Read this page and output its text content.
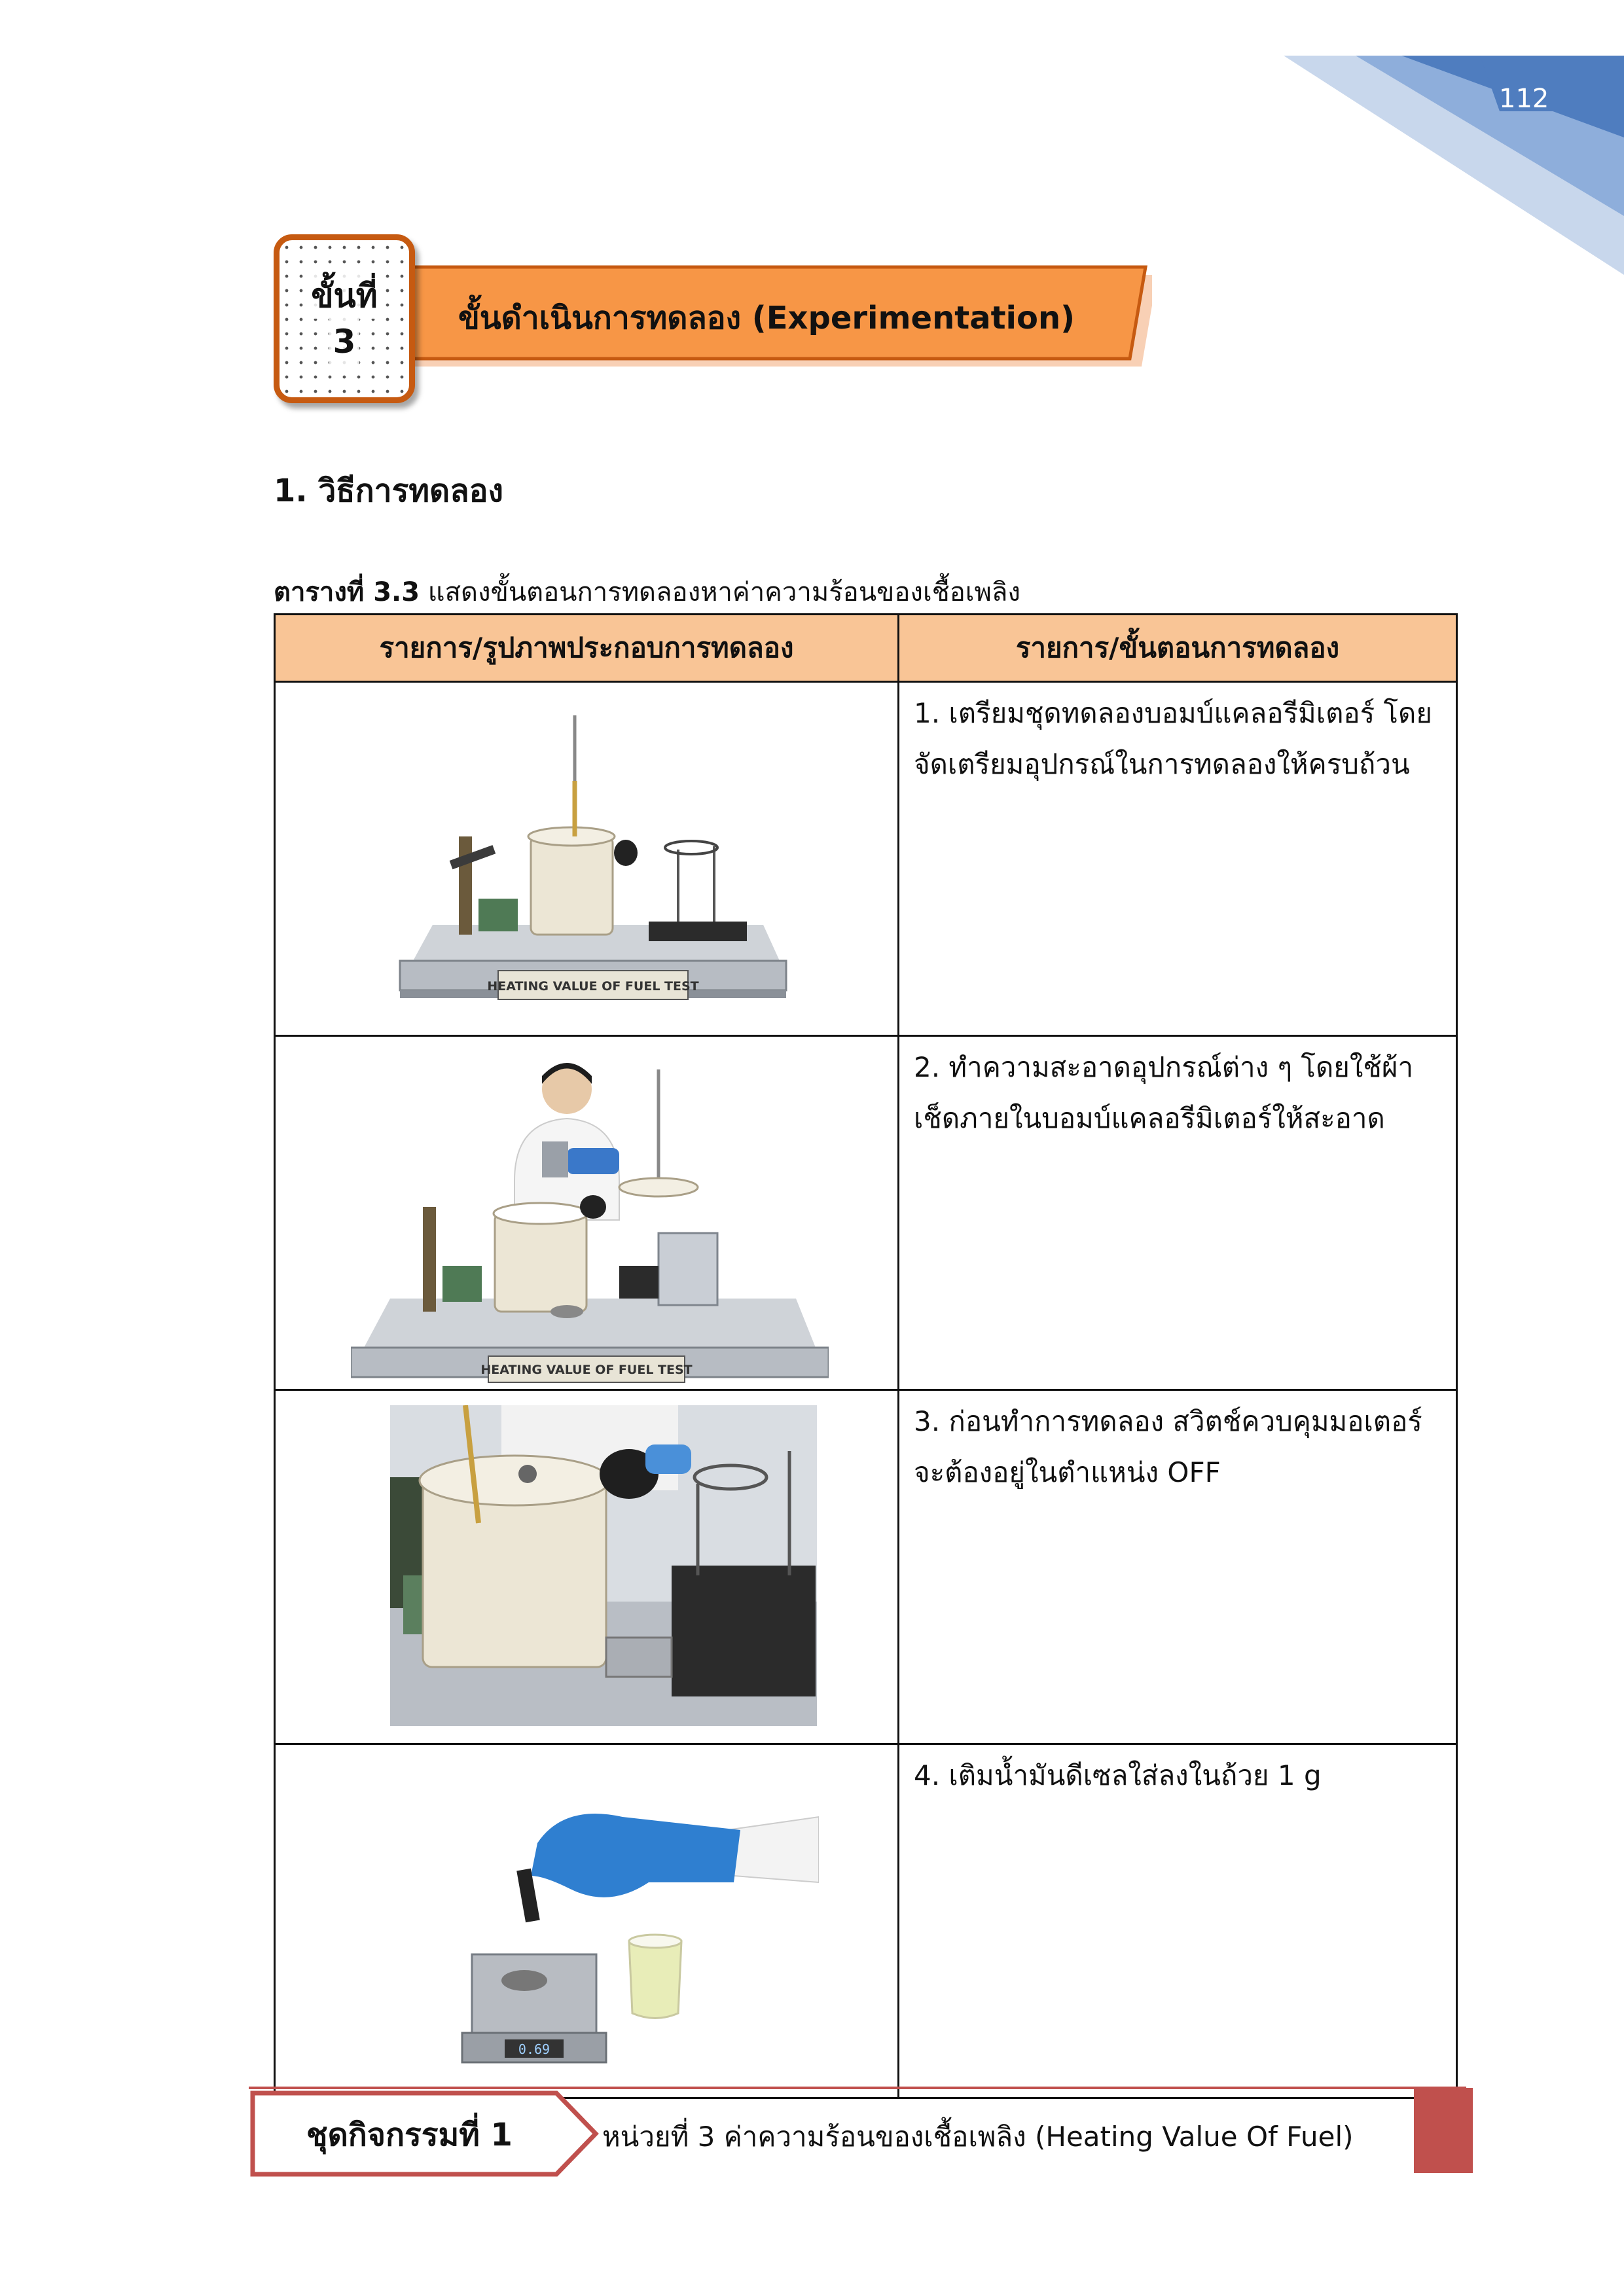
112
ขั้นที่
3
ขั้นดำเนินการทดลอง (Experimentation)
1. วิธีการทดลอง
ตารางที่ 3.3 แสดงขั้นตอนการทดลองหาค่าความร้อนของเชื้อเพลิง
รายการ/รูปภาพประกอบการทดลอง	รายการ/ขั้นตอนการทดลอง

HEATING VALUE OF FUEL TEST	1. เตรียมชุดทดลองบอมบ์แคลอรีมิเตอร์ โดยจัดเตรียมอุปกรณ์ในการทดลองให้ครบถ้วน

HEATING VALUE OF FUEL TEST	2. ทำความสะอาดอุปกรณ์ต่าง ๆ โดยใช้ผ้าเช็ดภายในบอมบ์แคลอรีมิเตอร์ให้สะอาด

	3. ก่อนทำการทดลอง สวิตช์ควบคุมมอเตอร์จะต้องอยู่ในตำแหน่ง OFF

0.69	4. เติมน้ำมันดีเซลใส่ลงในถ้วย 1 g
ชุดกิจกรรมที่ 1	หน่วยที่ 3 ค่าความร้อนของเชื้อเพลิง (Heating Value Of Fuel)
